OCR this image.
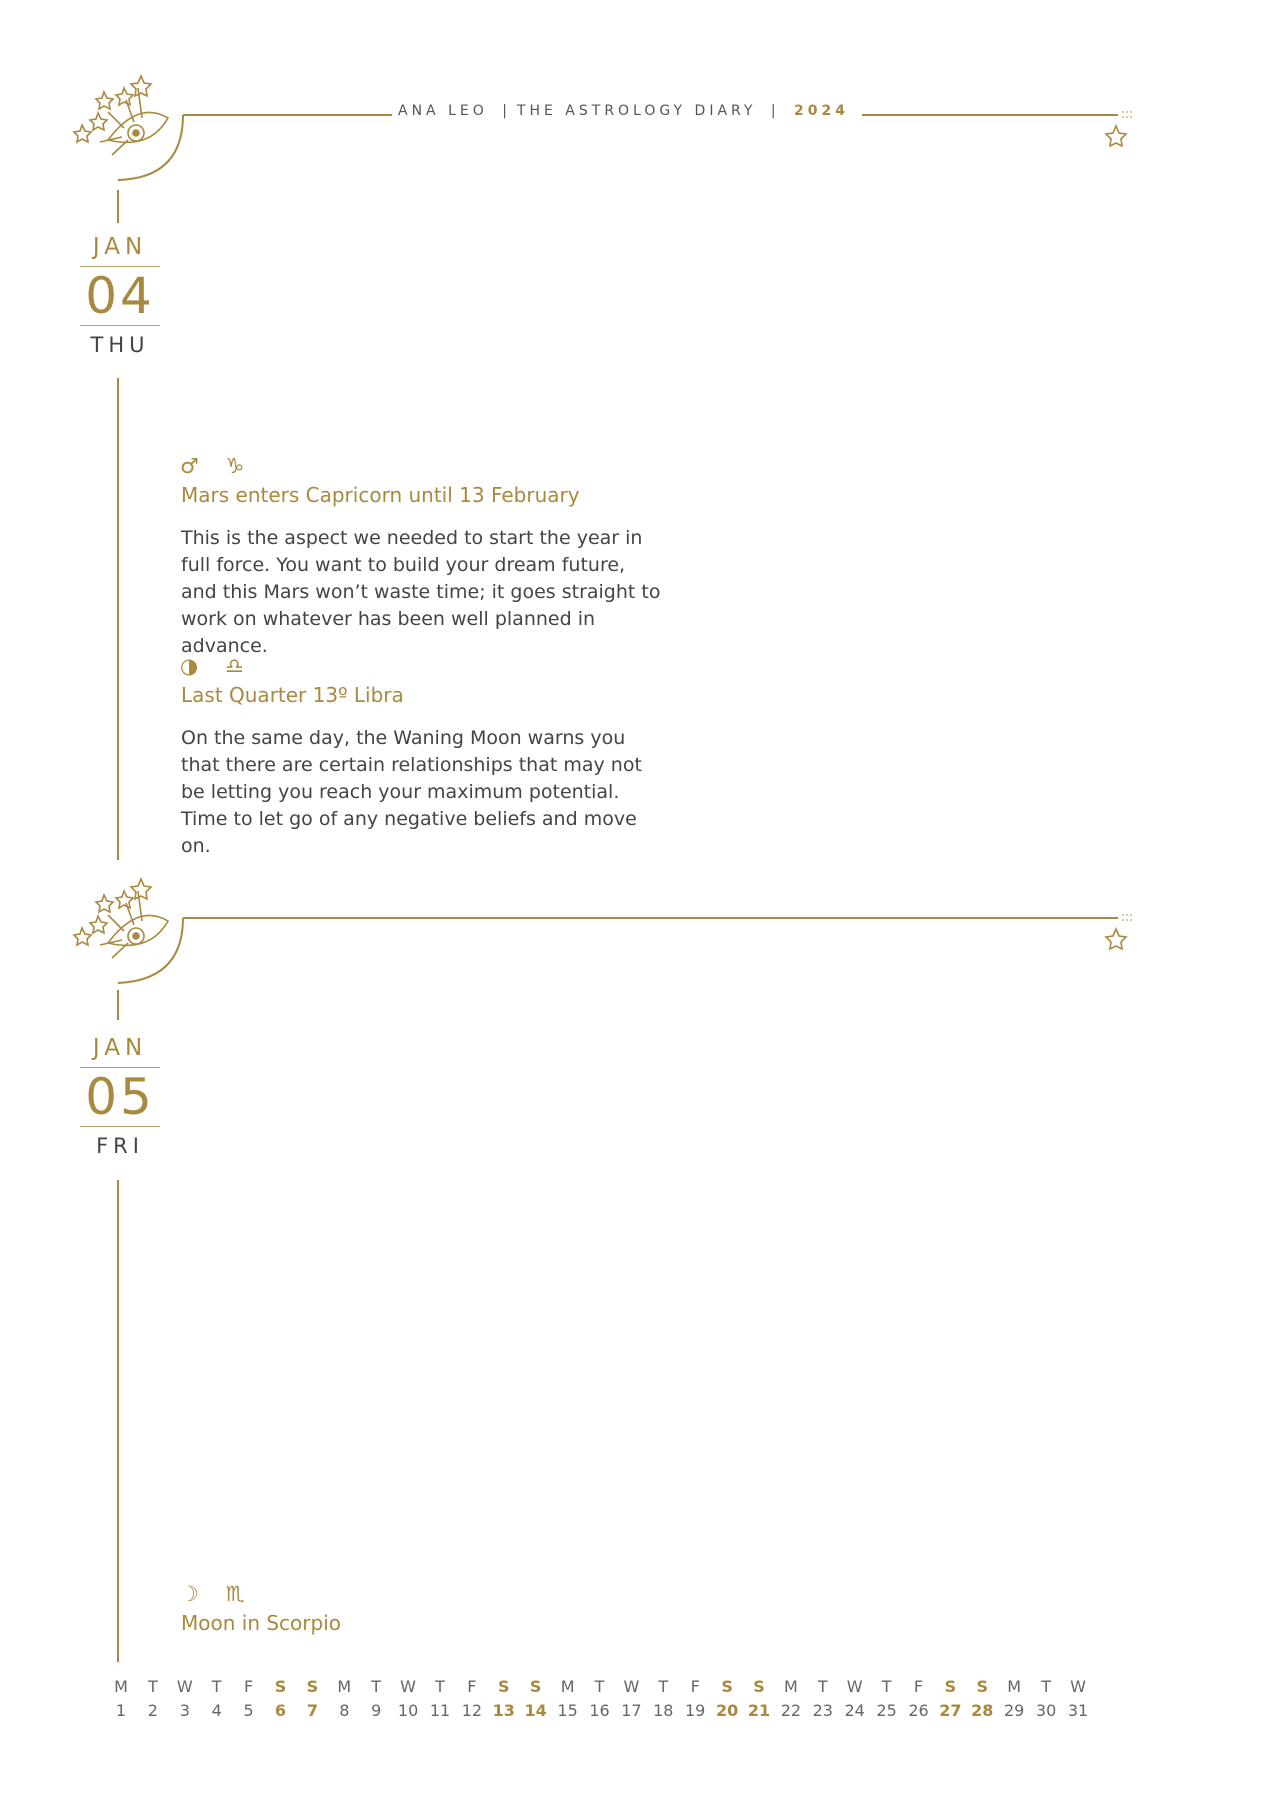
ANA LEO | THE ASTROLOGY DIARY | 2024
JAN
04
THU
♂ ♑
Mars enters Capricorn until 13 February
This is the aspect we needed to start the year in full force. You want to build your dream future, and this Mars won’t waste time; it goes straight to work on whatever has been well planned in advance.
◑ ♎
Last Quarter 13º Libra
On the same day, the Waning Moon warns you that there are certain relationships that may not be letting you reach your maximum potential. Time to let go of any negative beliefs and move on.
JAN
05
FRI
☽ ♏
Moon in Scorpio
M	T	W	T	F	S	S	M	T	W	T	F	S	S	M	T	W	T	F	S	S	M	T	W	T	F	S	S	M	T	W
1	2	3	4	5	6	7	8	9	10 11 12 13 14 15 16 17 18 19 20 21 22 23 24 25 26 27 28 29 30 31
